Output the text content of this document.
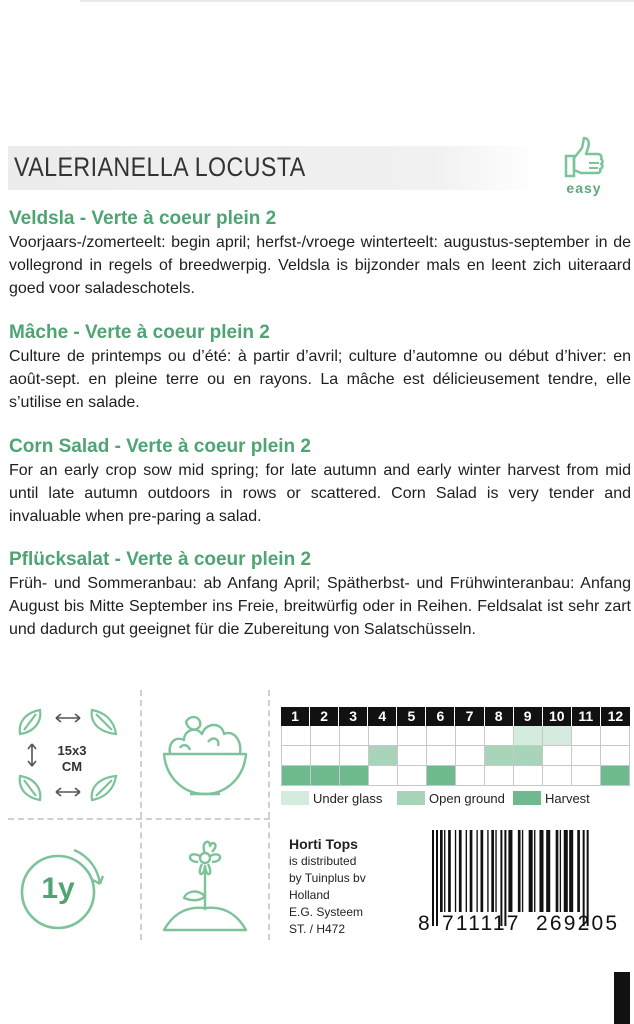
VALERIANELLA LOCUSTA
easy
Veldsla - Verte à coeur plein 2

Voorjaars-/zomerteelt: begin april; herfst-/vroege winterteelt: augustus-september in de vollegrond in regels of breedwerpig. Veldsla is bijzonder mals en leent zich uiteraard goed voor saladeschotels.

Mâche - Verte à coeur plein 2

Culture de printemps ou d’été: à partir d’avril; culture d’automne ou début d’hiver: en août-sept. en pleine terre ou en rayons. La mâche est délicieusement tendre, elle s’utilise en salade.

Corn Salad - Verte à coeur plein 2

For an early crop sow mid spring; for late autumn and early winter harvest from mid until late autumn outdoors in rows or scattered. Corn Salad is very tender and invaluable when pre-paring a salad.

Pflücksalat - Verte à coeur plein 2

Früh- und Sommeranbau: ab Anfang April; Spätherbst- und Frühwinteranbau: Anfang August bis Mitte September ins Freie, breitwürfig oder in Reihen. Feldsalat ist sehr zart und dadurch gut geeignet für die Zubereitung von Salatschüsseln.

15x3
CM
1y
1	2	3	4	5	6	7	8	9	10 11	12
Under glass	Open ground	Harvest
Horti Tops
is distributed
by Tuinplus bv
Holland
E.G. Systeem
ST. / H472	8 711117 269205
